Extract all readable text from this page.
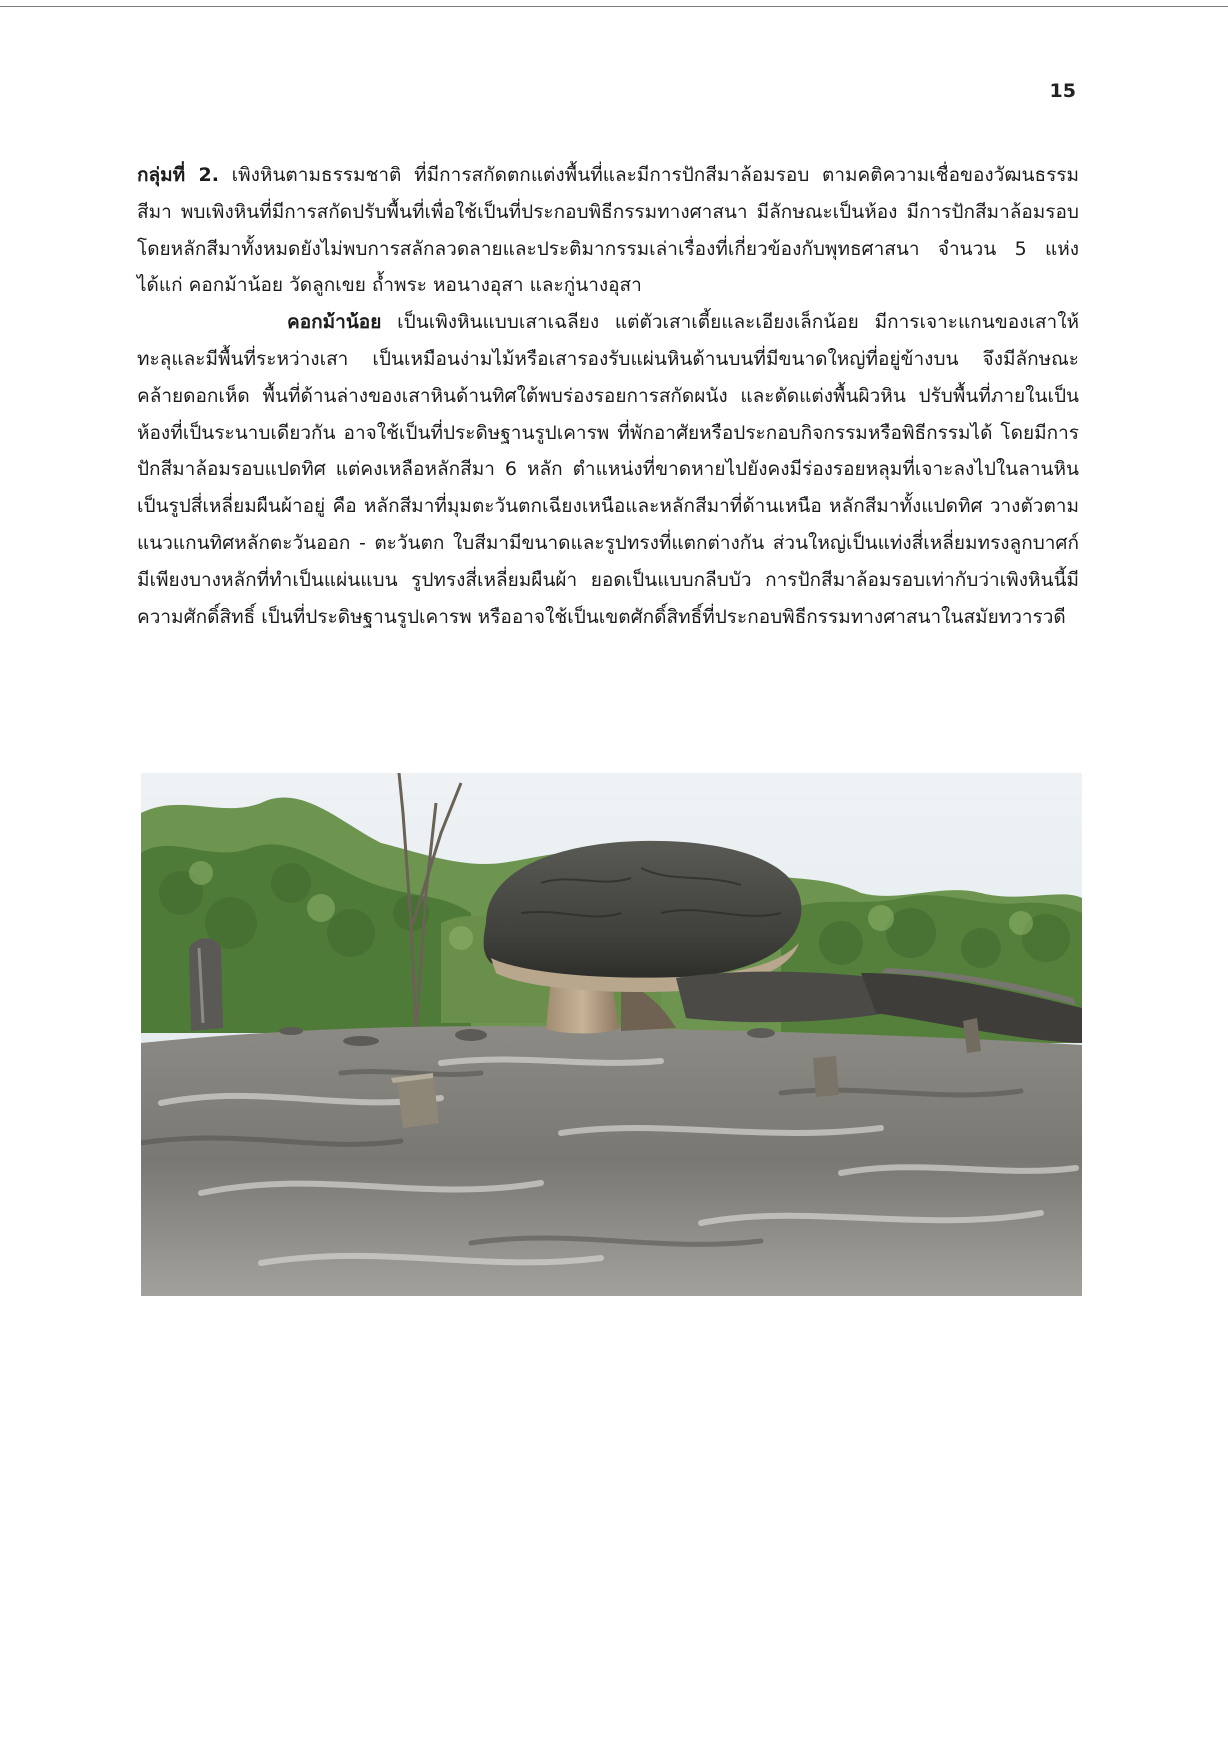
15

กลุ่มที่ 2. เพิงหินตามธรรมชาติ ที่มีการสกัดตกแต่งพื้นที่และมีการปักสีมาล้อมรอบ ตามคติความเชื่อของวัฒนธรรมสีมา พบเพิงหินที่มีการสกัดปรับพื้นที่เพื่อใช้เป็นที่ประกอบพิธีกรรมทางศาสนา มีลักษณะเป็นห้อง มีการปักสีมาล้อมรอบ โดยหลักสีมาทั้งหมดยังไม่พบการสลักลวดลายและประติมากรรมเล่าเรื่องที่เกี่ยวข้องกับพุทธศาสนา จำนวน 5 แห่ง ได้แก่ คอกม้าน้อย วัดลูกเขย ถ้ำพระ หอนางอุสา และกู่นางอุสา

คอกม้าน้อย เป็นเพิงหินแบบเสาเฉลียง แต่ตัวเสาเตี้ยและเอียงเล็กน้อย มีการเจาะแกนของเสาให้ทะลุและมีพื้นที่ระหว่างเสา เป็นเหมือนง่ามไม้หรือเสารองรับแผ่นหินด้านบนที่มีขนาดใหญ่ที่อยู่ข้างบน จึงมีลักษณะคล้ายดอกเห็ด พื้นที่ด้านล่างของเสาหินด้านทิศใต้พบร่องรอยการสกัดผนัง และตัดแต่งพื้นผิวหิน ปรับพื้นที่ภายในเป็นห้องที่เป็นระนาบเดียวกัน อาจใช้เป็นที่ประดิษฐานรูปเคารพ ที่พักอาศัยหรือประกอบกิจกรรมหรือพิธีกรรมได้ โดยมีการปักสีมาล้อมรอบแปดทิศ แต่คงเหลือหลักสีมา 6 หลัก ตำแหน่งที่ขาดหายไปยังคงมีร่องรอยหลุมที่เจาะลงไปในลานหินเป็นรูปสี่เหลี่ยมผืนผ้าอยู่ คือ หลักสีมาที่มุมตะวันตกเฉียงเหนือและหลักสีมาที่ด้านเหนือ หลักสีมาทั้งแปดทิศ วางตัวตามแนวแกนทิศหลักตะวันออก - ตะวันตก ใบสีมามีขนาดและรูปทรงที่แตกต่างกัน ส่วนใหญ่เป็นแท่งสี่เหลี่ยมทรงลูกบาศก์ มีเพียงบางหลักที่ทำเป็นแผ่นแบน รูปทรงสี่เหลี่ยมผืนผ้า ยอดเป็นแบบกลีบบัว การปักสีมาล้อมรอบเท่ากับว่าเพิงหินนี้มีความศักดิ์สิทธิ์ เป็นที่ประดิษฐานรูปเคารพ หรืออาจใช้เป็นเขตศักดิ์สิทธิ์ที่ประกอบพิธีกรรมทางศาสนาในสมัยทวารวดี
